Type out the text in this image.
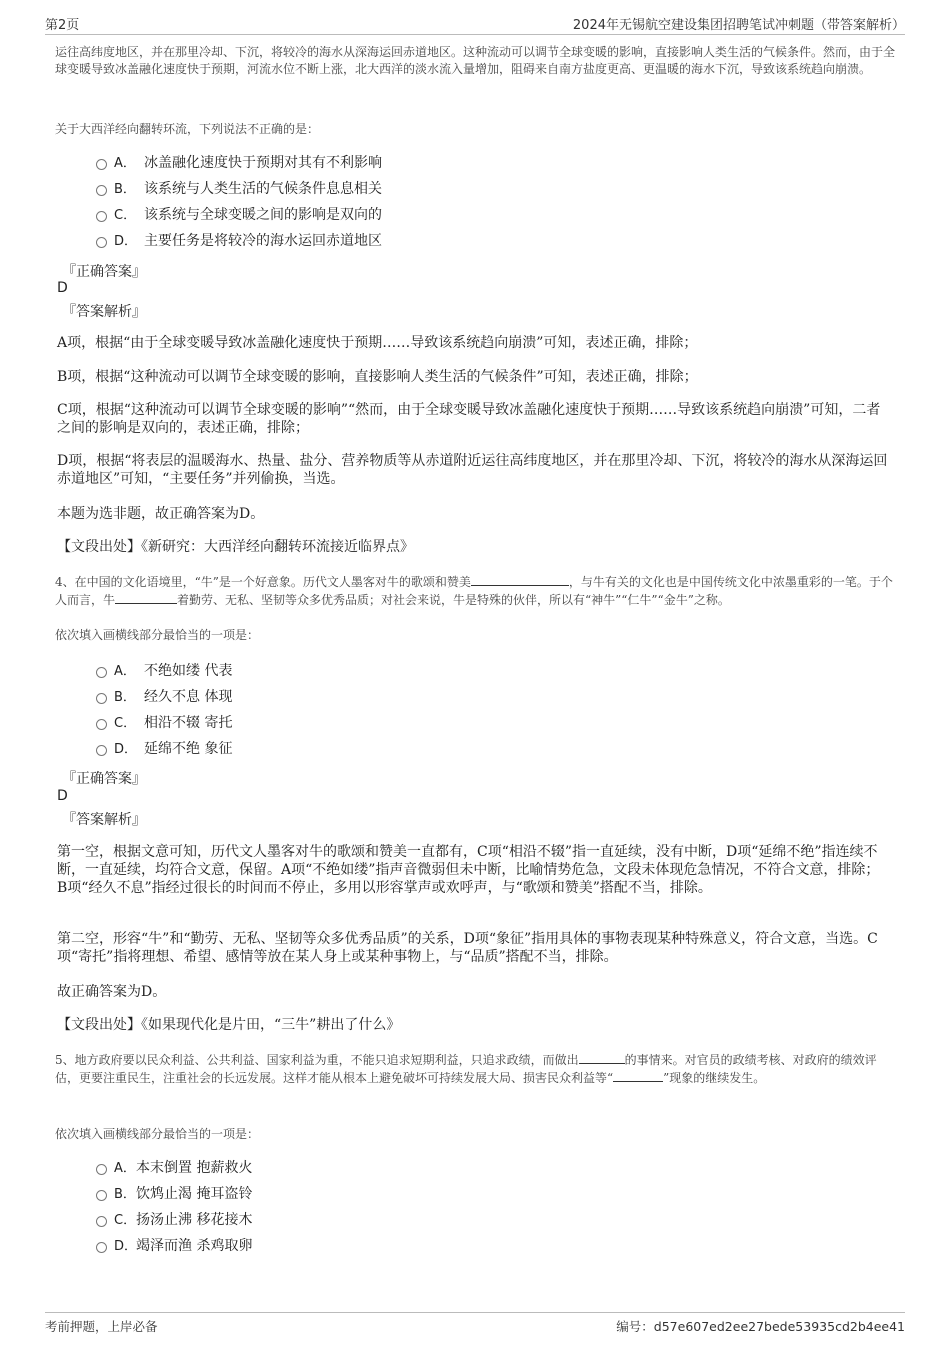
第2页	2024年无锡航空建设集团招聘笔试冲刺题（带答案解析）

运往高纬度地区，并在那里冷却、下沉，将较冷的海水从深海运回赤道地区。这种流动可以调节全球变暖的影响，直接影响人类生活的气候条件。然而，由于全球变暖导致冰盖融化速度快于预期，河流水位不断上涨，北大西洋的淡水流入量增加，阻碍来自南方盐度更高、更温暖的海水下沉，导致该系统趋向崩溃。

关于大西洋经向翻转环流，下列说法不正确的是：

A． 冰盖融化速度快于预期对其有不利影响
B． 该系统与人类生活的气候条件息息相关
C． 该系统与全球变暖之间的影响是双向的
D． 主要任务是将较冷的海水运回赤道地区
『正确答案』
D
『答案解析』

A项，根据“由于全球变暖导致冰盖融化速度快于预期……导致该系统趋向崩溃”可知，表述正确，排除；

B项，根据“这种流动可以调节全球变暖的影响，直接影响人类生活的气候条件”可知，表述正确，排除；

C项，根据“这种流动可以调节全球变暖的影响”“然而，由于全球变暖导致冰盖融化速度快于预期……导致该系统趋向崩溃”可知，二者之间的影响是双向的，表述正确，排除；

D项，根据“将表层的温暖海水、热量、盐分、营养物质等从赤道附近运往高纬度地区，并在那里冷却、下沉，将较冷的海水从深海运回赤道地区”可知，“主要任务”并列偷换，当选。

本题为选非题，故正确答案为D。

【文段出处】《新研究：大西洋经向翻转环流接近临界点》

4、在中国的文化语境里，“牛”是一个好意象。历代文人墨客对牛的歌颂和赞美	，与牛有关的文化也是中国传统文化中浓墨重彩的一笔。于个人而言，牛	着勤劳、无私、坚韧等众多优秀品质；对社会来说，牛是特殊的伙伴，所以有“神牛”“仁牛”“金牛”之称。

依次填入画横线部分最恰当的一项是：

A． 不绝如缕 代表
B． 经久不息 体现
C． 相沿不辍 寄托
D． 延绵不绝 象征
『正确答案』
D
『答案解析』

第一空，根据文意可知，历代文人墨客对牛的歌颂和赞美一直都有，C项“相沿不辍”指一直延续，没有中断，D项“延绵不绝”指连续不断，一直延续，均符合文意，保留。A项“不绝如缕”指声音微弱但未中断，比喻情势危急，文段未体现危急情况，不符合文意，排除；B项“经久不息”指经过很长的时间而不停止，多用以形容掌声或欢呼声，与“歌颂和赞美”搭配不当，排除。

第二空，形容“牛”和“勤劳、无私、坚韧等众多优秀品质”的关系，D项“象征”指用具体的事物表现某种特殊意义，符合文意，当选。C项“寄托”指将理想、希望、感情等放在某人身上或某种事物上，与“品质”搭配不当，排除。

故正确答案为D。

【文段出处】《如果现代化是片田，“三牛”耕出了什么》

5、地方政府要以民众利益、公共利益、国家利益为重，不能只追求短期利益，只追求政绩，而做出	的事情来。对官员的政绩考核、对政府的绩效评估，更要注重民生，注重社会的长远发展。这样才能从根本上避免破坏可持续发展大局、损害民众利益等“	”现象的继续发生。

依次填入画横线部分最恰当的一项是：

A．本末倒置 抱薪救火
B．饮鸩止渴 掩耳盗铃
C．扬汤止沸 移花接木
D．竭泽而渔 杀鸡取卵
考前押题，上岸必备	编号：d57e607ed2ee27bede53935cd2b4ee41
